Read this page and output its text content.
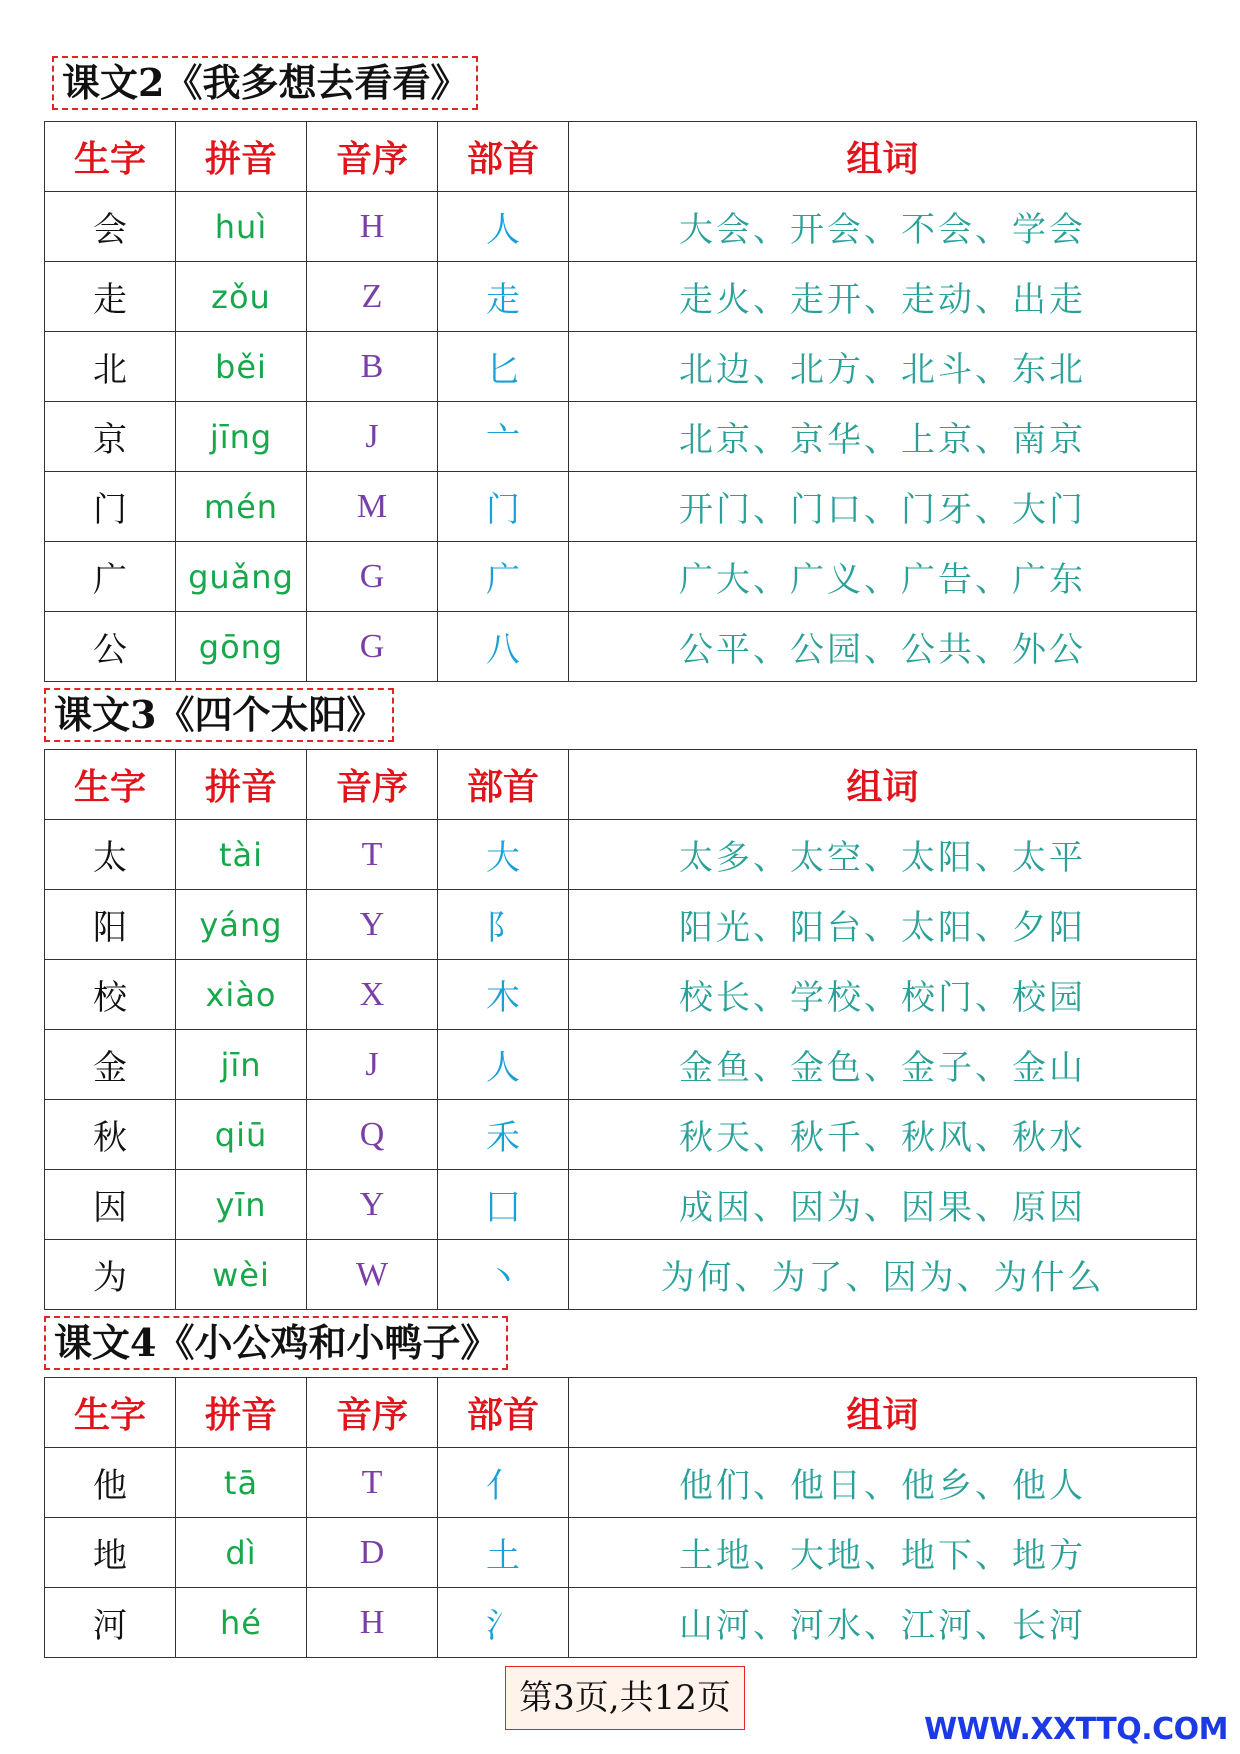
课文2《我多想去看看》
生字	拼音	音序	部首	组词
会	huì	H	人	大会、开会、不会、学会
走	zǒu	Z	走	走火、走开、走动、出走
北	běi	B	匕	北边、北方、北斗、东北
京	jīng	J	亠	北京、京华、上京、南京
门	mén	M	门	开门、门口、门牙、大门
广	guǎng	G	广	广大、广义、广告、广东
公	gōng	G	八	公平、公园、公共、外公
课文3《四个太阳》
生字	拼音	音序	部首	组词
太	tài	T	大	太多、太空、太阳、太平
阳	yáng	Y	阝	阳光、阳台、太阳、夕阳
校	xiào	X	木	校长、学校、校门、校园
金	jīn	J	人	金鱼、金色、金子、金山
秋	qiū	Q	禾	秋天、秋千、秋风、秋水
因	yīn	Y	囗	成因、因为、因果、原因
为	wèi	W	丶	为何、为了、因为、为什么
课文4《小公鸡和小鸭子》
生字	拼音	音序	部首	组词
他	tā	T	亻	他们、他日、他乡、他人
地	dì	D	土	土地、大地、地下、地方
河	hé	H	氵	山河、河水、江河、长河
第3页,共12页
WWW.XXTTQ.COM
